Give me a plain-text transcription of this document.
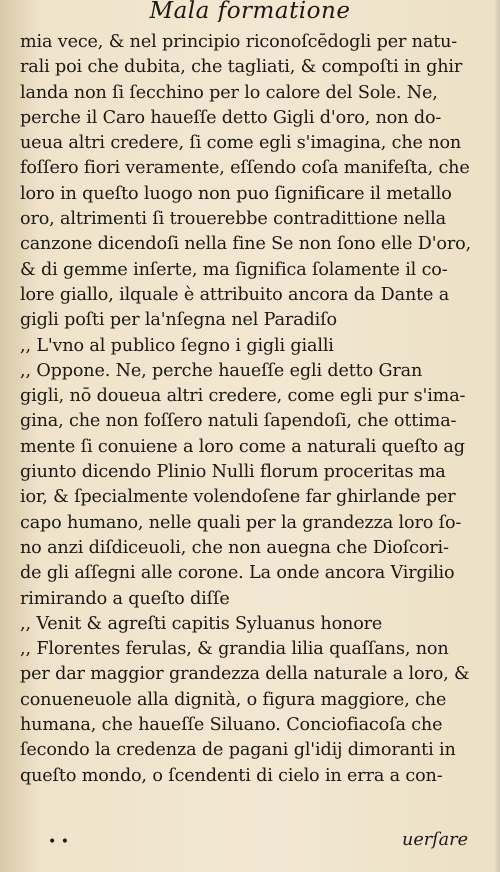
Mala formatione
mia vece, & nel principio riconoſcēdogli per natu-
rali poi che dubita, che tagliati, & compoſti in ghir
landa non ſi ſecchino per lo calore del Sole. Ne,
perche il Caro haueſſe detto Gigli d'oro, non do-
ueua altri credere, ſi come egli s'imagina, che non
foſſero fiori veramente, eſſendo coſa manifeſta, che
loro in queſto luogo non puo ſignificare il metallo
oro, altrimenti ſi trouerebbe contradittione nella
canzone dicendoſi nella fine Se non ſono elle D'oro,
& di gemme inſerte, ma ſignifica ſolamente il co-
lore giallo, ilquale è attribuito ancora da Dante a
gigli poſti per la'nſegna nel Paradiſo
,, L'vno al publico ſegno i gigli gialli
,, Oppone. Ne, perche haueſſe egli detto Gran
gigli, nō doueua altri credere, come egli pur s'ima-
gina, che non foſſero natuli ſapendoſi, che ottima-
mente ſi conuiene a loro come a naturali queſto ag
giunto dicendo Plinio Nulli florum proceritas ma
ior, & ſpecialmente volendoſene far ghirlande per
capo humano, nelle quali per la grandezza loro ſo-
no anzi diſdiceuoli, che non auegna che Dioſcori-
de gli aſſegni alle corone. La onde ancora Virgilio
rimirando a queſto diſſe
,, Venit & agreſti capitis Syluanus honore
,, Florentes ferulas, & grandia lilia quaſſans, non
per dar maggior grandezza della naturale a loro, &
conueneuole alla dignità, o figura maggiore, che
humana, che haueſſe Siluano. Conciofiacoſa che
ſecondo la credenza de pagani gl'idij dimoranti in
queſto mondo, o ſcendenti di cielo in erra a con-
• •	uerſare
